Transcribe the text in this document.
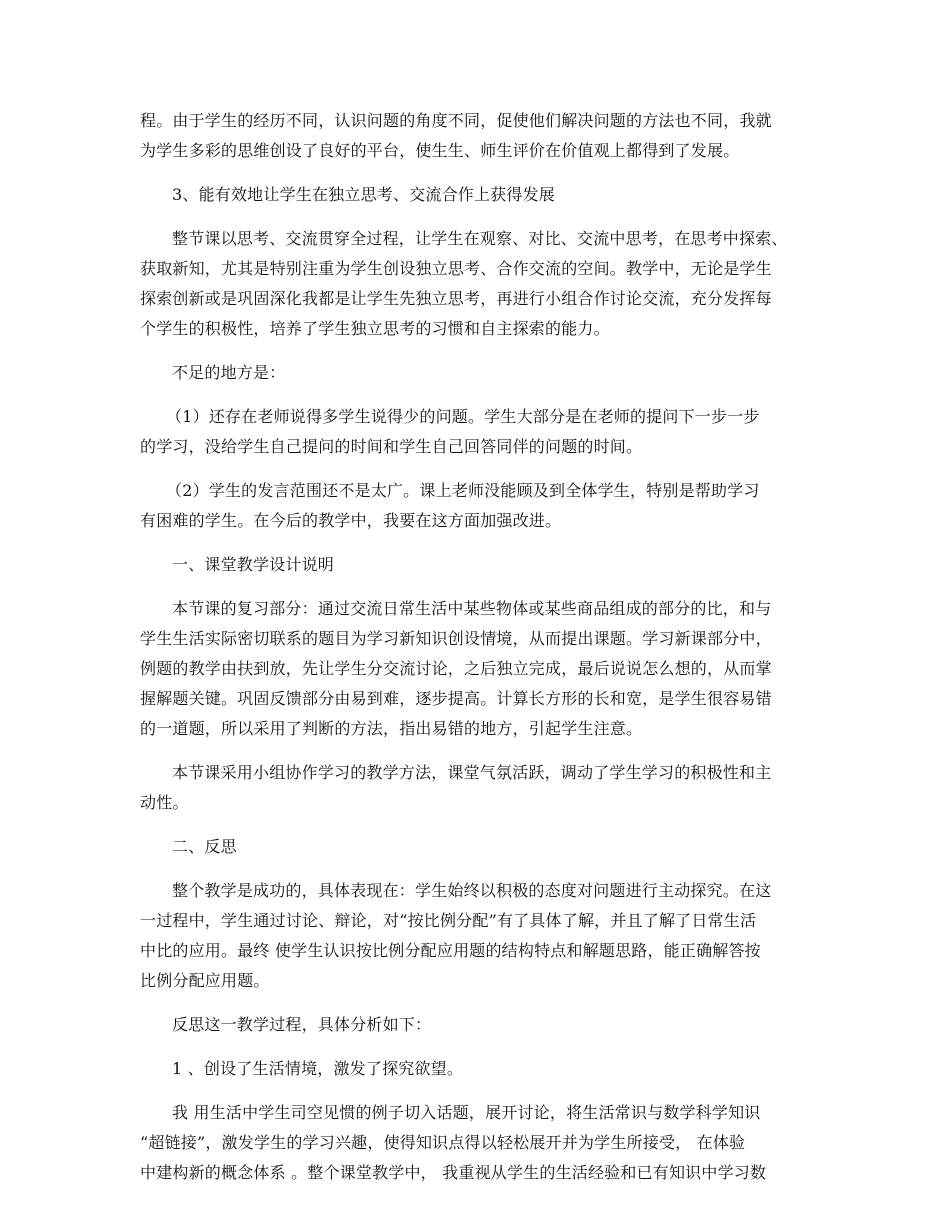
程。由于学生的经历不同，认识问题的角度不同，促使他们解决问题的方法也不同，我就
为学生多彩的思维创设了良好的平台，使生生、师生评价在价值观上都得到了发展。

3、能有效地让学生在独立思考、交流合作上获得发展

整节课以思考、交流贯穿全过程，让学生在观察、对比、交流中思考，在思考中探索、
获取新知，尤其是特别注重为学生创设独立思考、合作交流的空间。教学中，无论是学生
探索创新或是巩固深化我都是让学生先独立思考，再进行小组合作讨论交流，充分发挥每
个学生的积极性，培养了学生独立思考的习惯和自主探索的能力。

不足的地方是：

（1）还存在老师说得多学生说得少的问题。学生大部分是在老师的提问下一步一步
的学习，没给学生自己提问的时间和学生自己回答同伴的问题的时间。

（2）学生的发言范围还不是太广。课上老师没能顾及到全体学生，特别是帮助学习
有困难的学生。在今后的教学中，我要在这方面加强改进。

一、课堂教学设计说明

本节课的复习部分：通过交流日常生活中某些物体或某些商品组成的部分的比，和与
学生生活实际密切联系的题目为学习新知识创设情境，从而提出课题。学习新课部分中，
例题的教学由扶到放，先让学生分交流讨论，之后独立完成，最后说说怎么想的，从而掌
握解题关键。巩固反馈部分由易到难，逐步提高。计算长方形的长和宽，是学生很容易错
的一道题，所以采用了判断的方法，指出易错的地方，引起学生注意。

本节课采用小组协作学习的教学方法，课堂气氛活跃，调动了学生学习的积极性和主
动性。

二、反思

整个教学是成功的，具体表现在：学生始终以积极的态度对问题进行主动探究。在这
一过程中，学生通过讨论、辩论，对“按比例分配”有了具体了解，并且了解了日常生活
中比的应用。最终 使学生认识按比例分配应用题的结构特点和解题思路，能正确解答按
比例分配应用题。

反思这一教学过程，具体分析如下：

1 、创设了生活情境，激发了探究欲望。

我 用生活中学生司空见惯的例子切入话题，展开讨论，将生活常识与数学科学知识
“超链接”，激发学生的学习兴趣，使得知识点得以轻松展开并为学生所接受， 在体验
中建构新的概念体系 。整个课堂教学中， 我重视从学生的生活经验和已有知识中学习数
